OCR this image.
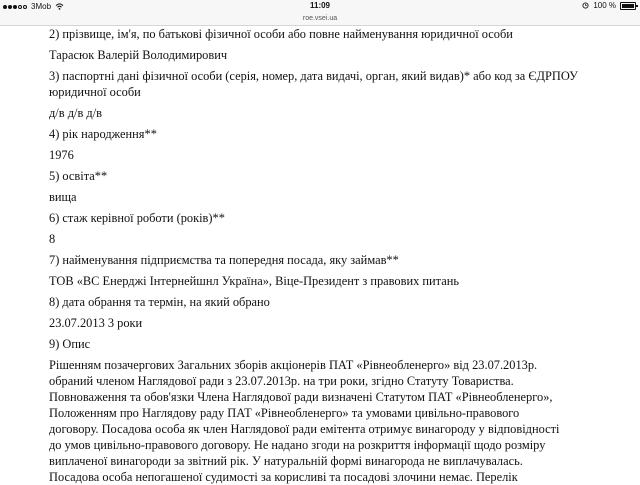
3Mob	11:09	100 %
roe.vsei.ua

2) прізвище, ім'я, по батькові фізичної особи або повне найменування юридичної особи

Тарасюк Валерій Володимирович

3) паспортні дані фізичної особи (серія, номер, дата видачі, орган, який видав)* або код за ЄДРПОУ юридичної особи

д/в д/в д/в

4) рік народження**

1976

5) освіта**

вища

6) стаж керівної роботи (років)**

8

7) найменування підприємства та попередня посада, яку займав**

ТОВ «ВС Енерджі Інтернейшнл Україна», Віце-Президент з правових питань

8) дата обрання та термін, на який обрано

23.07.2013 3 роки

9) Опис

Рішенням позачергових Загальних зборів акціонерів ПАТ «Рівнеобленерго» від 23.07.2013р.

обраний членом Наглядової ради з 23.07.2013р. на три роки, згідно Статуту Товариства.

Повноваження та обов'язки Члена Наглядової ради визначені Статутом ПАТ «Рівнеобленерго»,

Положенням про Наглядову раду ПАТ «Рівнеобленерго» та умовами цивільно-правового

договору. Посадова особа як член Наглядової ради емітента отримує винагороду у відповідності

до умов цивільно-правового договору. Не надано згоди на розкриття інформації щодо розміру

виплаченої винагороди за звітний рік. У натуральній формі винагорода не виплачувалась.

Посадова особа непогашеної судимості за корисливі та посадові злочини немає. Перелік
